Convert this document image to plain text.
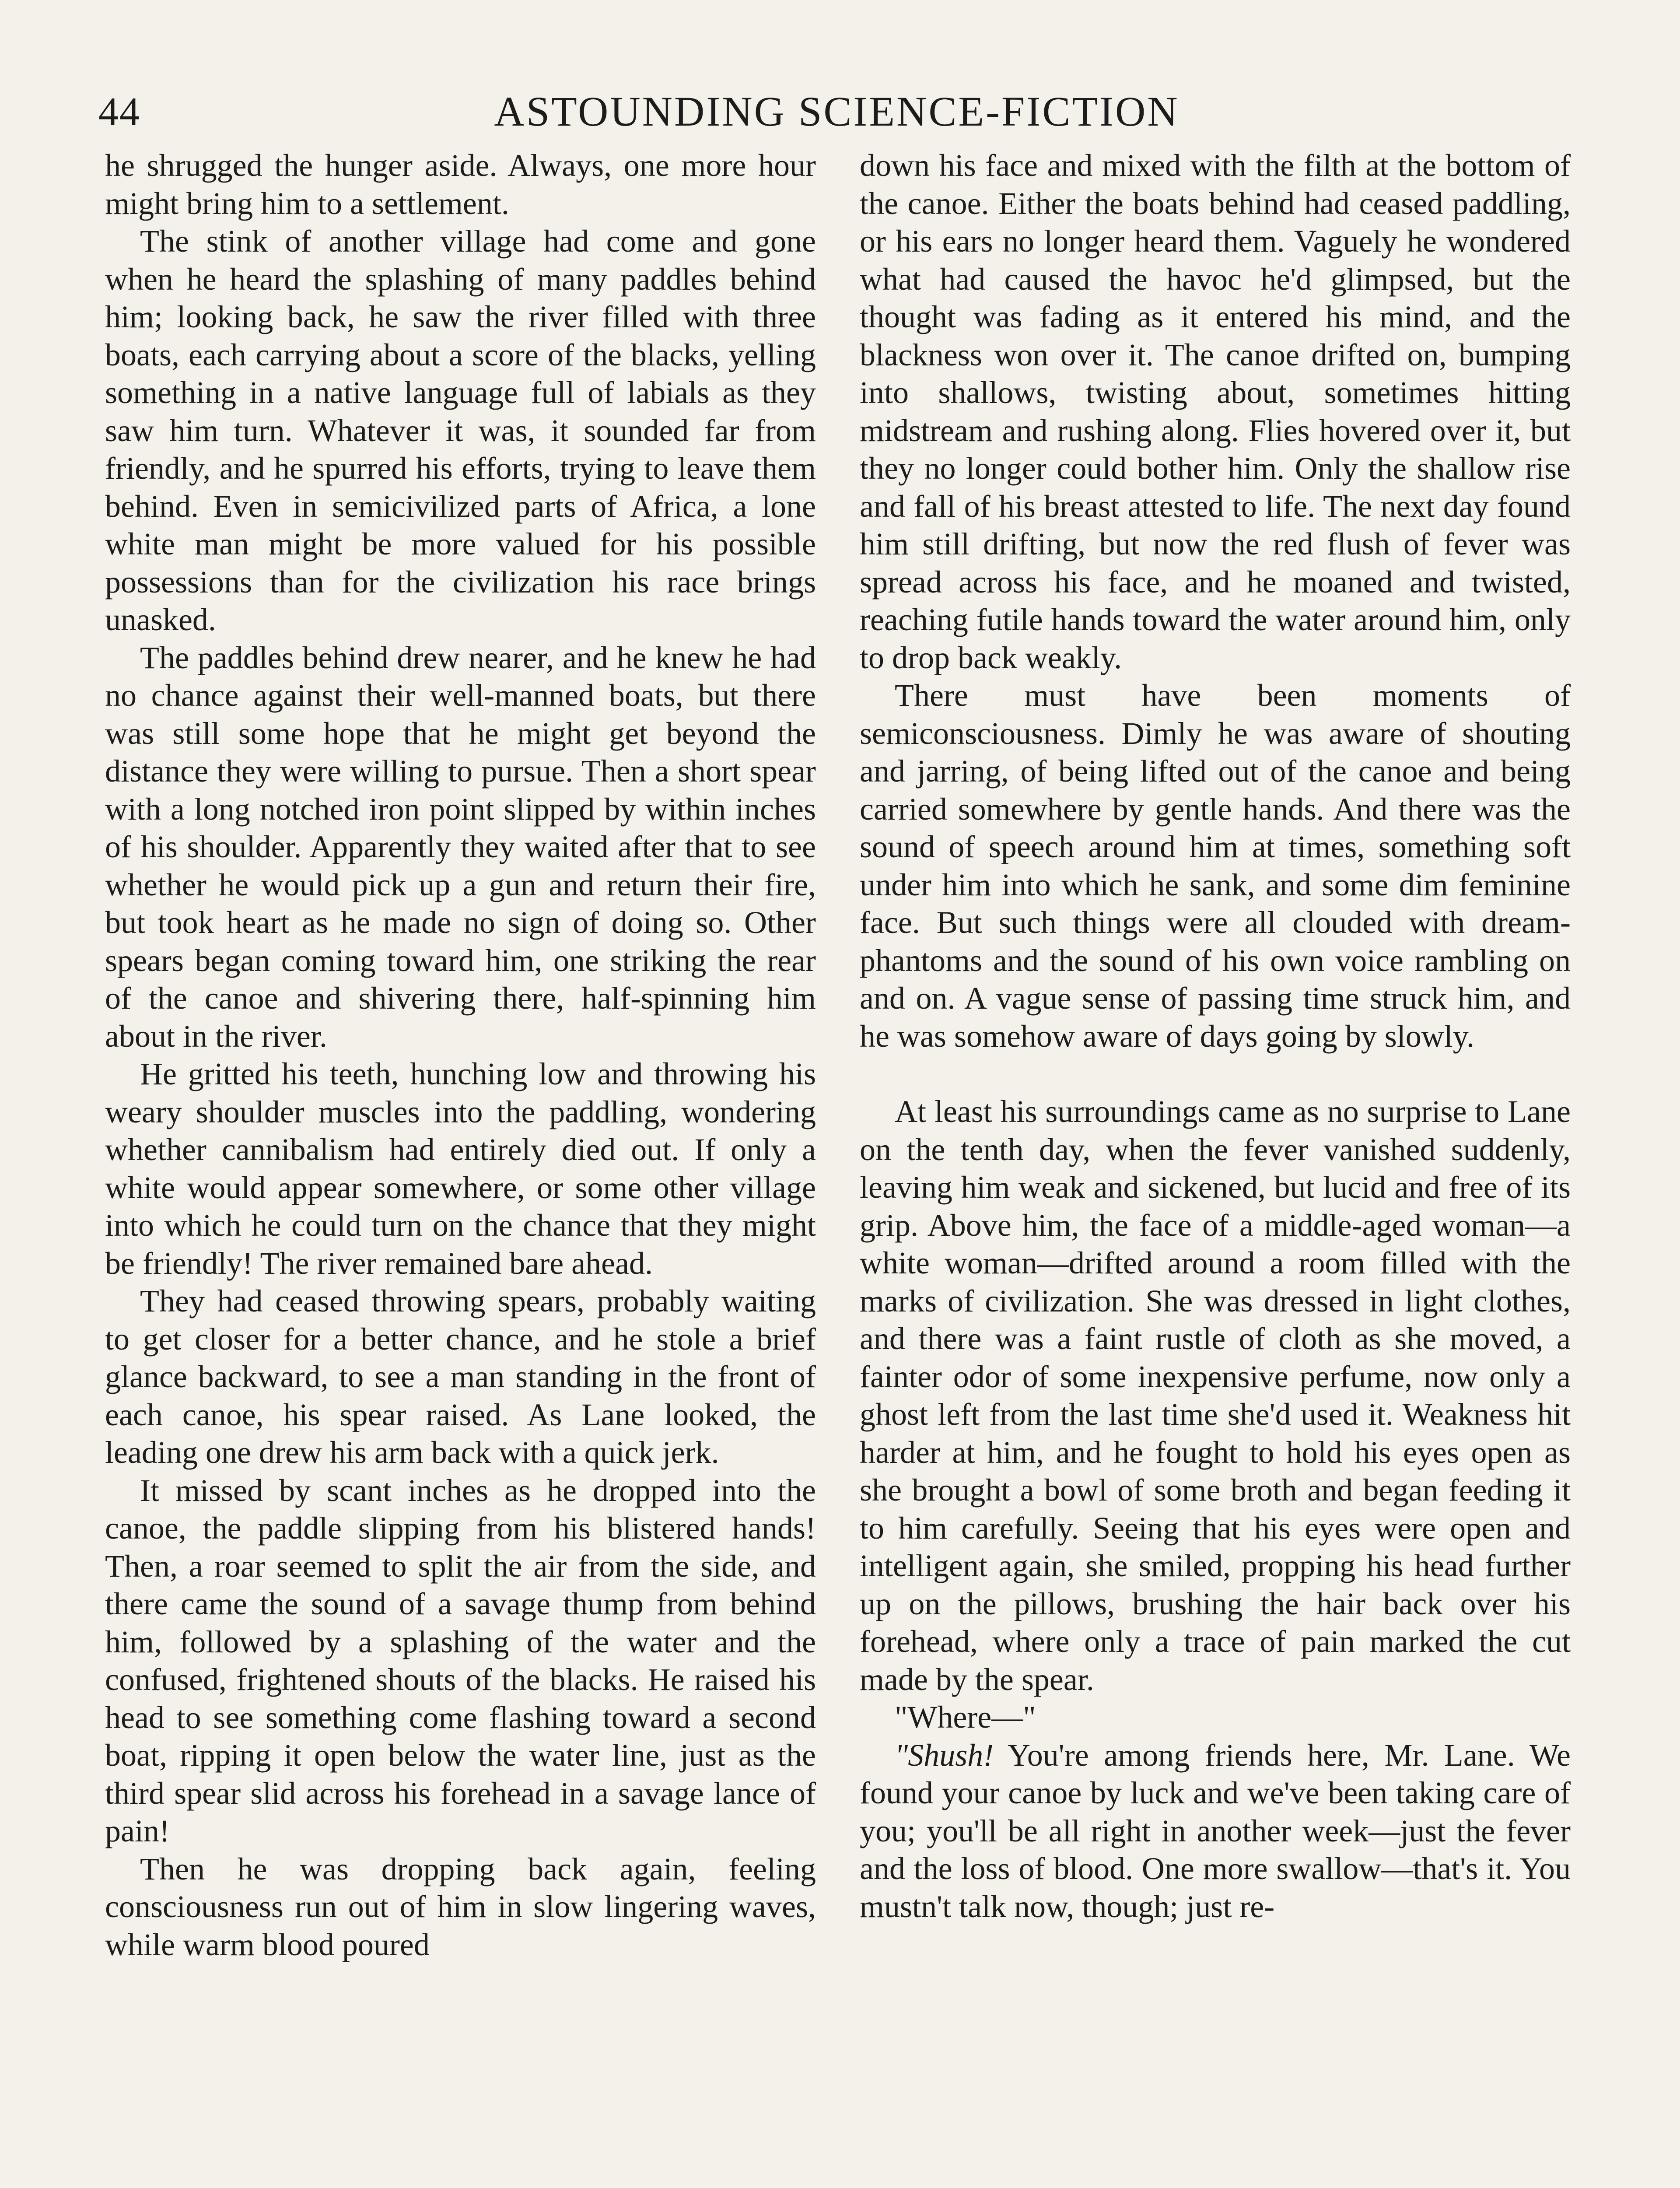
44	ASTOUNDING SCIENCE-FICTION

he shrugged the hunger aside. Always, one more hour might bring him to a settlement.

The stink of another village had come and gone when he heard the splashing of many paddles behind him; looking back, he saw the river filled with three boats, each carrying about a score of the blacks, yelling something in a native language full of labials as they saw him turn. Whatever it was, it sounded far from friendly, and he spurred his efforts, trying to leave them behind. Even in semicivilized parts of Africa, a lone white man might be more valued for his possible possessions than for the civilization his race brings unasked.

The paddles behind drew nearer, and he knew he had no chance against their well-manned boats, but there was still some hope that he might get beyond the distance they were willing to pursue. Then a short spear with a long notched iron point slipped by within inches of his shoulder. Apparently they waited after that to see whether he would pick up a gun and return their fire, but took heart as he made no sign of doing so. Other spears began coming toward him, one striking the rear of the canoe and shivering there, half-spinning him about in the river.

He gritted his teeth, hunching low and throwing his weary shoulder muscles into the paddling, wondering whether cannibalism had entirely died out. If only a white would appear somewhere, or some other village into which he could turn on the chance that they might be friendly! The river remained bare ahead.

They had ceased throwing spears, probably waiting to get closer for a better chance, and he stole a brief glance backward, to see a man standing in the front of each canoe, his spear raised. As Lane looked, the leading one drew his arm back with a quick jerk.

It missed by scant inches as he dropped into the canoe, the paddle slipping from his blistered hands! Then, a roar seemed to split the air from the side, and there came the sound of a savage thump from behind him, followed by a splashing of the water and the confused, frightened shouts of the blacks. He raised his head to see something come flashing toward a second boat, ripping it open below the water line, just as the third spear slid across his forehead in a savage lance of pain!

Then he was dropping back again, feeling consciousness run out of him in slow lingering waves, while warm blood poured

down his face and mixed with the filth at the bottom of the canoe. Either the boats behind had ceased paddling, or his ears no longer heard them. Vaguely he wondered what had caused the havoc he'd glimpsed, but the thought was fading as it entered his mind, and the blackness won over it. The canoe drifted on, bumping into shallows, twisting about, sometimes hitting midstream and rushing along. Flies hovered over it, but they no longer could bother him. Only the shallow rise and fall of his breast attested to life. The next day found him still drifting, but now the red flush of fever was spread across his face, and he moaned and twisted, reaching futile hands toward the water around him, only to drop back weakly.

There must have been moments of semiconsciousness. Dimly he was aware of shouting and jarring, of being lifted out of the canoe and being carried somewhere by gentle hands. And there was the sound of speech around him at times, something soft under him into which he sank, and some dim feminine face. But such things were all clouded with dream-phantoms and the sound of his own voice rambling on and on. A vague sense of passing time struck him, and he was somehow aware of days going by slowly.

At least his surroundings came as no surprise to Lane on the tenth day, when the fever vanished suddenly, leaving him weak and sickened, but lucid and free of its grip. Above him, the face of a middle-aged woman—a white woman—drifted around a room filled with the marks of civilization. She was dressed in light clothes, and there was a faint rustle of cloth as she moved, a fainter odor of some inexpensive perfume, now only a ghost left from the last time she'd used it. Weakness hit harder at him, and he fought to hold his eyes open as she brought a bowl of some broth and began feeding it to him carefully. Seeing that his eyes were open and intelligent again, she smiled, propping his head further up on the pillows, brushing the hair back over his forehead, where only a trace of pain marked the cut made by the spear.

"Where—"

"Shush! You're among friends here, Mr. Lane. We found your canoe by luck and we've been taking care of you; you'll be all right in another week—just the fever and the loss of blood. One more swallow—that's it. You mustn't talk now, though; just re-
